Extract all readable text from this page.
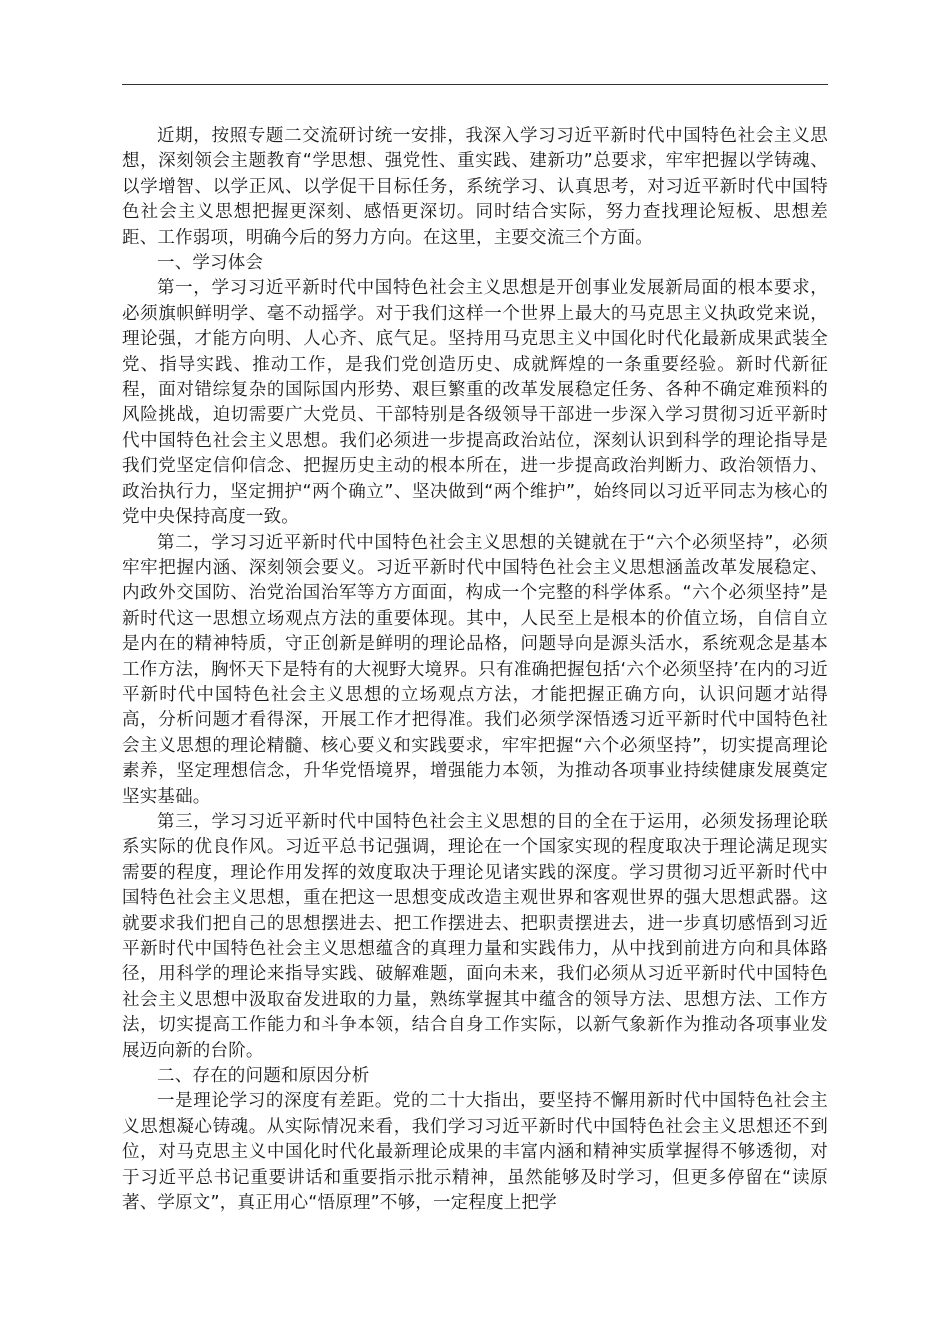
近期，按照专题二交流研讨统一安排，我深入学习习近平新时代中国特色社会主义思想，深刻领会主题教育“学思想、强党性、重实践、建新功”总要求，牢牢把握以学铸魂、以学增智、以学正风、以学促干目标任务，系统学习、认真思考，对习近平新时代中国特色社会主义思想把握更深刻、感悟更深切。同时结合实际，努力查找理论短板、思想差距、工作弱项，明确今后的努力方向。在这里，主要交流三个方面。

一、学习体会

第一，学习习近平新时代中国特色社会主义思想是开创事业发展新局面的根本要求，必须旗帜鲜明学、毫不动摇学。对于我们这样一个世界上最大的马克思主义执政党来说，理论强，才能方向明、人心齐、底气足。坚持用马克思主义中国化时代化最新成果武装全党、指导实践、推动工作，是我们党创造历史、成就辉煌的一条重要经验。新时代新征程，面对错综复杂的国际国内形势、艰巨繁重的改革发展稳定任务、各种不确定难预料的风险挑战，迫切需要广大党员、干部特别是各级领导干部进一步深入学习贯彻习近平新时代中国特色社会主义思想。我们必须进一步提高政治站位，深刻认识到科学的理论指导是我们党坚定信仰信念、把握历史主动的根本所在，进一步提高政治判断力、政治领悟力、政治执行力，坚定拥护“两个确立”、坚决做到“两个维护”，始终同以习近平同志为核心的党中央保持高度一致。

第二，学习习近平新时代中国特色社会主义思想的关键就在于“六个必须坚持”，必须牢牢把握内涵、深刻领会要义。习近平新时代中国特色社会主义思想涵盖改革发展稳定、内政外交国防、治党治国治军等方方面面，构成一个完整的科学体系。“六个必须坚持”是新时代这一思想立场观点方法的重要体现。其中，人民至上是根本的价值立场，自信自立是内在的精神特质，守正创新是鲜明的理论品格，问题导向是源头活水，系统观念是基本工作方法，胸怀天下是特有的大视野大境界。只有准确把握包括‘六个必须坚持’在内的习近平新时代中国特色社会主义思想的立场观点方法，才能把握正确方向，认识问题才站得高，分析问题才看得深，开展工作才把得准。我们必须学深悟透习近平新时代中国特色社会主义思想的理论精髓、核心要义和实践要求，牢牢把握“六个必须坚持”，切实提高理论素养，坚定理想信念，升华党悟境界，增强能力本领，为推动各项事业持续健康发展奠定坚实基础。

第三，学习习近平新时代中国特色社会主义思想的目的全在于运用，必须发扬理论联系实际的优良作风。习近平总书记强调，理论在一个国家实现的程度取决于理论满足现实需要的程度，理论作用发挥的效度取决于理论见诸实践的深度。学习贯彻习近平新时代中国特色社会主义思想，重在把这一思想变成改造主观世界和客观世界的强大思想武器。这就要求我们把自己的思想摆进去、把工作摆进去、把职责摆进去，进一步真切感悟到习近平新时代中国特色社会主义思想蕴含的真理力量和实践伟力，从中找到前进方向和具体路径，用科学的理论来指导实践、破解难题，面向未来，我们必须从习近平新时代中国特色社会主义思想中汲取奋发进取的力量，熟练掌握其中蕴含的领导方法、思想方法、工作方法，切实提高工作能力和斗争本领，结合自身工作实际，以新气象新作为推动各项事业发展迈向新的台阶。

二、存在的问题和原因分析

一是理论学习的深度有差距。党的二十大指出，要坚持不懈用新时代中国特色社会主义思想凝心铸魂。从实际情况来看，我们学习习近平新时代中国特色社会主义思想还不到位，对马克思主义中国化时代化最新理论成果的丰富内涵和精神实质掌握得不够透彻，对于习近平总书记重要讲话和重要指示批示精神，虽然能够及时学习，但更多停留在“读原著、学原文”，真正用心“悟原理”不够，一定程度上把学
